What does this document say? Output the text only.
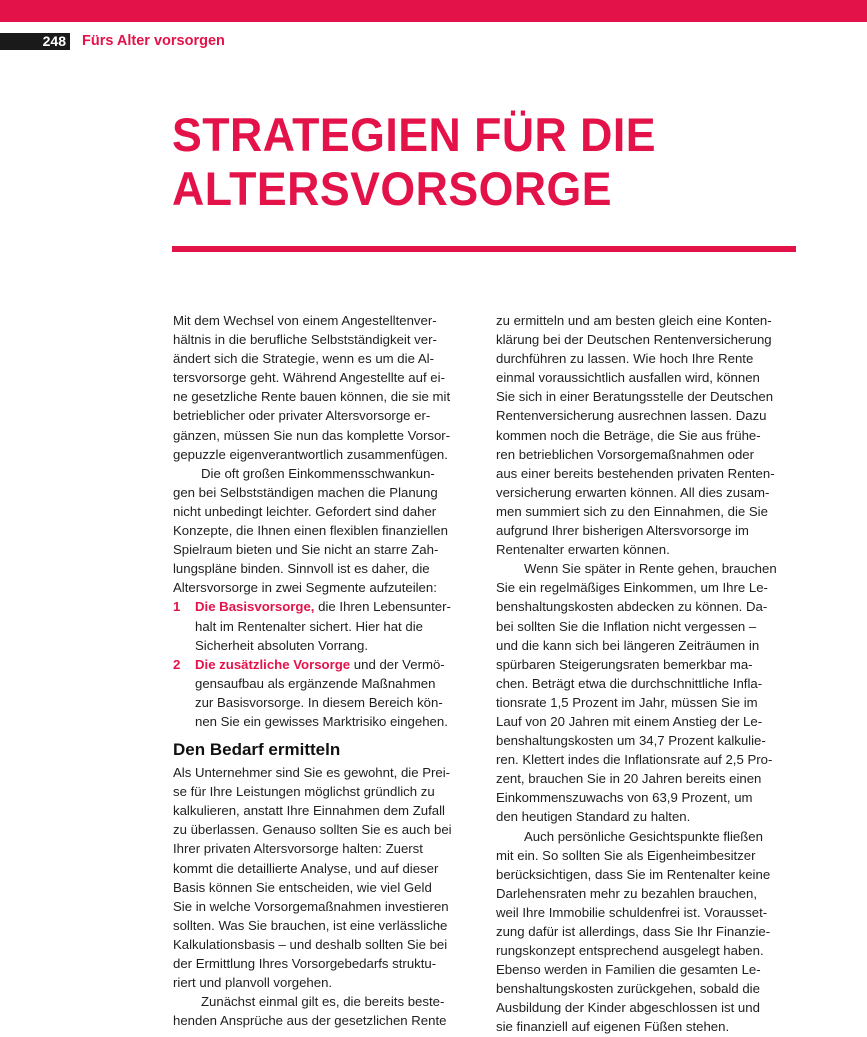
248 Fürs Alter vorsorgen
STRATEGIEN FÜR DIE
ALTERSVORSORGE
Mit dem Wechsel von einem Angestelltenver-
hältnis in die berufliche Selbstständigkeit ver-
ändert sich die Strategie, wenn es um die Al-
tersvorsorge geht. Während Angestellte auf ei-
ne gesetzliche Rente bauen können, die sie mit
betrieblicher oder privater Altersvorsorge er-
gänzen, müssen Sie nun das komplette Vorsor-
gepuzzle eigenverantwortlich zusammenfügen.
Die oft großen Einkommensschwankun-
gen bei Selbstständigen machen die Planung
nicht unbedingt leichter. Gefordert sind daher
Konzepte, die Ihnen einen flexiblen finanziellen
Spielraum bieten und Sie nicht an starre Zah-
lungspläne binden. Sinnvoll ist es daher, die
Altersvorsorge in zwei Segmente aufzuteilen:
1 Die Basisvorsorge, die Ihren Lebensunter-
halt im Rentenalter sichert. Hier hat die
Sicherheit absoluten Vorrang.
2 Die zusätzliche Vorsorge und der Vermö-
gensaufbau als ergänzende Maßnahmen
zur Basisvorsorge. In diesem Bereich kön-
nen Sie ein gewisses Marktrisiko eingehen.
Den Bedarf ermitteln
Als Unternehmer sind Sie es gewohnt, die Prei-
se für Ihre Leistungen möglichst gründlich zu
kalkulieren, anstatt Ihre Einnahmen dem Zufall
zu überlassen. Genauso sollten Sie es auch bei
Ihrer privaten Altersvorsorge halten: Zuerst
kommt die detaillierte Analyse, und auf dieser
Basis können Sie entscheiden, wie viel Geld
Sie in welche Vorsorgemaßnahmen investieren
sollten. Was Sie brauchen, ist eine verlässliche
Kalkulationsbasis – und deshalb sollten Sie bei
der Ermittlung Ihres Vorsorgebedarfs struktu-
riert und planvoll vorgehen.
Zunächst einmal gilt es, die bereits beste-
henden Ansprüche aus der gesetzlichen Rente
zu ermitteln und am besten gleich eine Konten-
klärung bei der Deutschen Rentenversicherung
durchführen zu lassen. Wie hoch Ihre Rente
einmal voraussichtlich ausfallen wird, können
Sie sich in einer Beratungsstelle der Deutschen
Rentenversicherung ausrechnen lassen. Dazu
kommen noch die Beträge, die Sie aus frühe-
ren betrieblichen Vorsorgemaßnahmen oder
aus einer bereits bestehenden privaten Renten-
versicherung erwarten können. All dies zusam-
men summiert sich zu den Einnahmen, die Sie
aufgrund Ihrer bisherigen Altersvorsorge im
Rentenalter erwarten können.
Wenn Sie später in Rente gehen, brauchen
Sie ein regelmäßiges Einkommen, um Ihre Le-
benshaltungskosten abdecken zu können. Da-
bei sollten Sie die Inflation nicht vergessen –
und die kann sich bei längeren Zeiträumen in
spürbaren Steigerungsraten bemerkbar ma-
chen. Beträgt etwa die durchschnittliche Infla-
tionsrate 1,5 Prozent im Jahr, müssen Sie im
Lauf von 20 Jahren mit einem Anstieg der Le-
benshaltungskosten um 34,7 Prozent kalkulie-
ren. Klettert indes die Inflationsrate auf 2,5 Pro-
zent, brauchen Sie in 20 Jahren bereits einen
Einkommenszuwachs von 63,9 Prozent, um
den heutigen Standard zu halten.
Auch persönliche Gesichtspunkte fließen
mit ein. So sollten Sie als Eigenheimbesitzer
berücksichtigen, dass Sie im Rentenalter keine
Darlehensraten mehr zu bezahlen brauchen,
weil Ihre Immobilie schuldenfrei ist. Vorausset-
zung dafür ist allerdings, dass Sie Ihr Finanzie-
rungskonzept entsprechend ausgelegt haben.
Ebenso werden in Familien die gesamten Le-
benshaltungskosten zurückgehen, sobald die
Ausbildung der Kinder abgeschlossen ist und
sie finanziell auf eigenen Füßen stehen.
